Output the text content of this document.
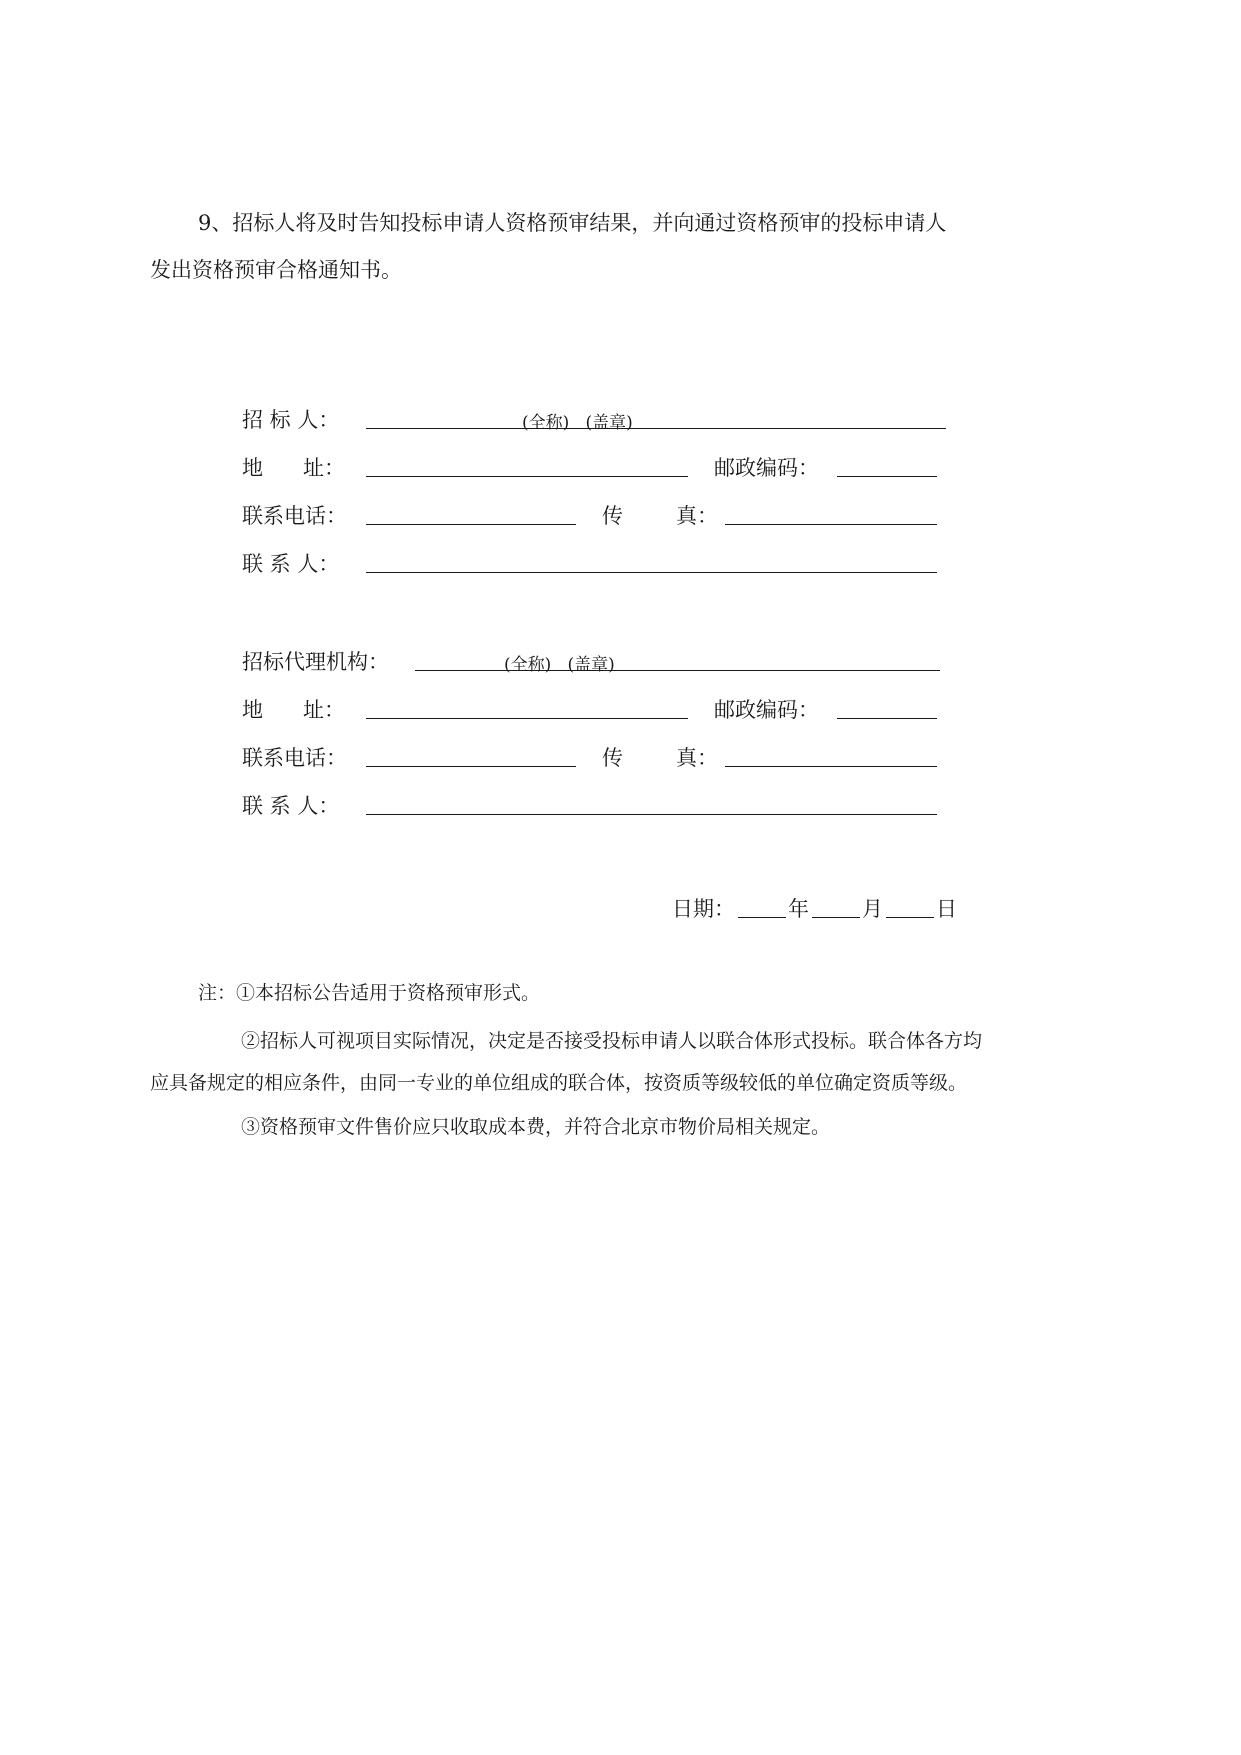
9、招标人将及时告知投标申请人资格预审结果，并向通过资格预审的投标申请人

发出资格预审合格通知书。

招 标 人：	(全称)   (盖章)
地      址：	邮政编码：
联系电话：	传	真：
联 系 人：
招标代理机构：	(全称)   (盖章)
地      址：	邮政编码：
联系电话：	传	真：
联 系 人：
日期：	年	月	日

注：①本招标公告适用于资格预审形式。

②招标人可视项目实际情况，决定是否接受投标申请人以联合体形式投标。联合体各方均

应具备规定的相应条件，由同一专业的单位组成的联合体，按资质等级较低的单位确定资质等级。

③资格预审文件售价应只收取成本费，并符合北京市物价局相关规定。
